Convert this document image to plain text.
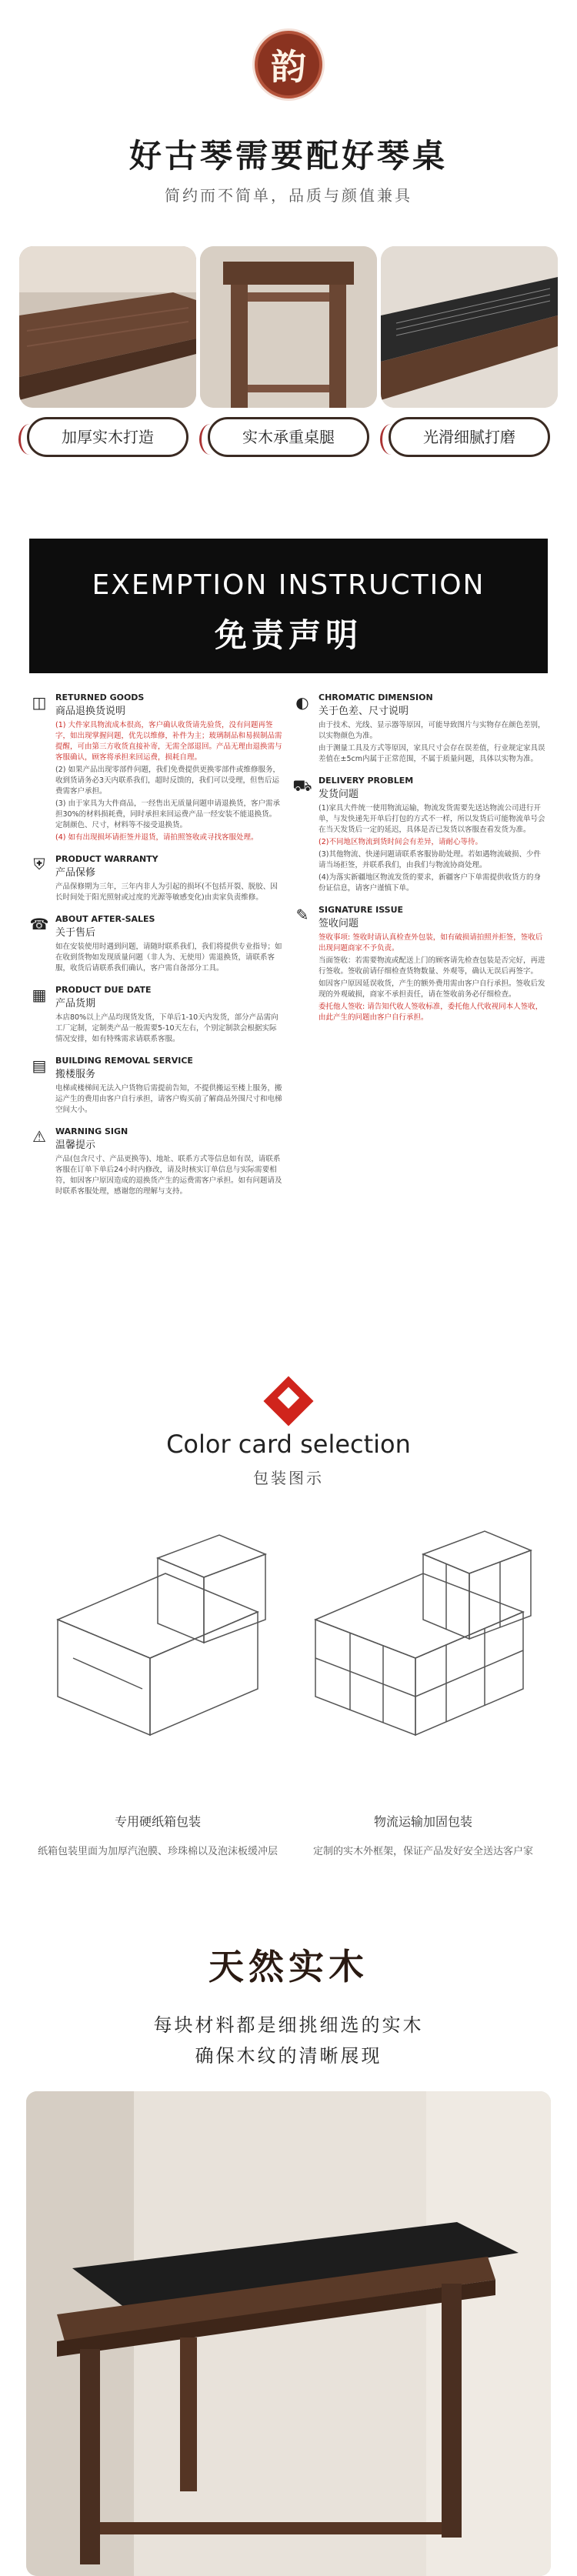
韵
好古琴需要配好琴桌
简约而不简单，品质与颜值兼具
加厚实木打造	实木承重桌腿	光滑细腻打磨
EXEMPTION INSTRUCTION
免责声明
◫	RETURNED GOODS
商品退换货说明

(1) 大件家具物流成本很高，客户确认收货请先验货，没有问题再签字，如出现掌握问题，优先以维修，补件为主；玻璃制品和易损制品需提醒，可由第三方收货直接补寄，无需全部退回。产品无理由退换需与客服确认，顾客将承担来回运费，损耗自理。

(2) 如果产品出现零部件问题，我们免费提供更换零部件或维修服务，收到货请务必3天内联系我们，超时反馈的，我们可以受理，但售后运费需客户承担。

(3) 由于家具为大件商品，一经售出无质量问题申请退换货，客户需承担30%的材料损耗费，同时承担来回运费产品一经安装不能退换货。定制颜色、尺寸，材料等不接受退换货。

(4) 如有出现损坏请拒签并退货，请拍照签收或寻找客服处理。

⛨	PRODUCT WARRANTY
产品保修

产品保修期为三年，三年内非人为引起的损坏(不包括开裂、脱胶、因长时间处于阳光照射或过度的光源等敏感变化)由卖家负责维修。

☎ ABOUT AFTER-SALES
关于售后

如在安装使用时遇到问题，请随时联系我们，我们将提供专业指导；如在收到货物如发现质量问题（非人为、无使用）需退换货，请联系客服，收货后请联系我们确认，客户需自备部分工具。

▦	PRODUCT DUE DATE
产品货期

本店80%以上产品均现货发货，下单后1-10天内发货，部分产品需向工厂定制，定制类产品一般需要5-10天左右，个别定制款会根据实际情况安排，如有特殊需求请联系客服。

▤	BUILDING REMOVAL SERVICE
搬楼服务

电梯或楼梯间无法入户货物后需提前告知，不提供搬运至楼上服务，搬运产生的费用由客户自行承担，请客户购买前了解商品外围尺寸和电梯空间大小。

⚠	WARNING SIGN
温馨提示

产品(包含尺寸、产品更换等)、地址、联系方式等信息如有误，请联系客服在订单下单后24小时内修改，请及时核实订单信息与实际需要相符，如因客户原因造成的退换货产生的运费需客户承担。如有问题请及时联系客服处理，感谢您的理解与支持。

◐	CHROMATIC DIMENSION
关于色差、尺寸说明

由于技术、光线、显示器等原因，可能导致图片与实物存在颜色差别，以实物颜色为准。

由于测量工具及方式等原因，家具尺寸会存在误差值，行业规定家具误差值在±5cm内属于正常范围，不属于质量问题，具体以实物为准。

⛟ DELIVERY PROBLEM
发货问题

(1)家具大件统一使用物流运输，物流发货需要先送达物流公司进行开单，与发快递先开单后打包的方式不一样，所以发货后可能物流单号会在当天发货后一定的延迟，具体是否已发货以客服查看发货为准。

(2)不同地区物流到货时间会有差异，请耐心等待。

(3)其他物流、快递问题请联系客服协助处理。若如遇物流破损、少件请当场拒签，并联系我们，由我们与物流协商处理。

(4)为落实新疆地区物流发货的要求，新疆客户下单需提供收货方的身份证信息，请客户谨慎下单。

✎	SIGNATURE ISSUE
签收问题

签收事项: 签收时请认真检查外包装，如有破损请拍照并拒签，签收后出现问题商家不予负责。

当面签收：若需要物流或配送上门的顾客请先检查包装是否完好，再进行签收。签收前请仔细检查货物数量、外观等，确认无误后再签字。

如因客户原因延误收货，产生的额外费用需由客户自行承担。签收后发现的外观破损，商家不承担责任，请在签收前务必仔细检查。

委托他人签收: 请告知代收人签收标准，委托他人代收视同本人签收，由此产生的问题由客户自行承担。

Color card selection
包装图示
专用硬纸箱包装	物流运输加固包装
纸箱包装里面为加厚汽泡膜、珍珠棉以及泡沫板缓冲层	定制的实木外框架，保证产品发好安全送达客户家
天然实木
每块材料都是细挑细选的实木
确保木纹的清晰展现
